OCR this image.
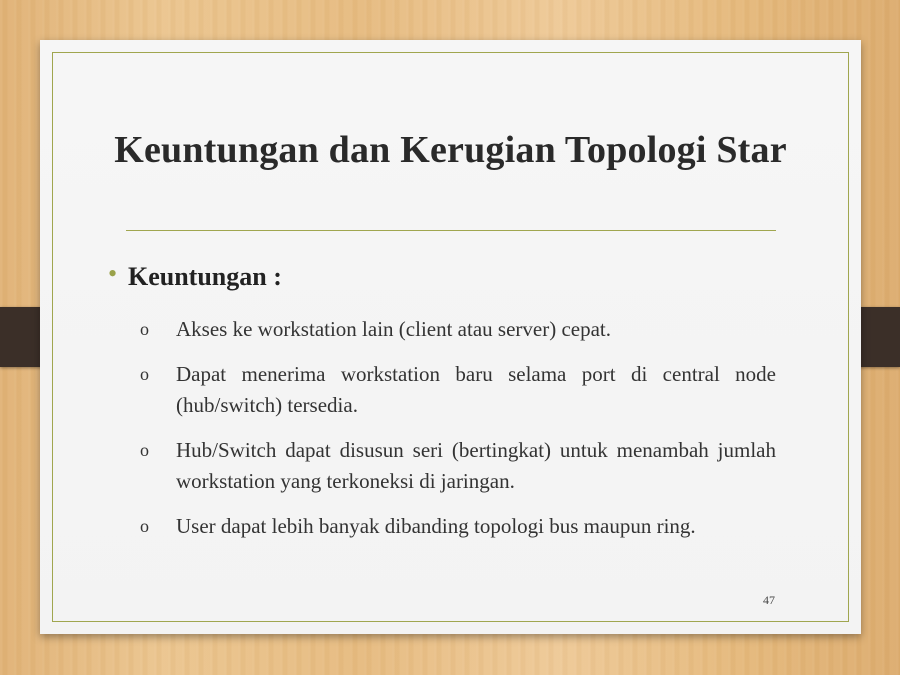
Keuntungan dan Kerugian Topologi Star
• Keuntungan :
o	Akses ke workstation lain (client atau server) cepat.
o	Dapat menerima workstation baru selama port di central node (hub/switch) tersedia.
o	Hub/Switch dapat disusun seri (bertingkat) untuk menambah jumlah workstation yang terkoneksi di jaringan.
o	User dapat lebih banyak dibanding topologi bus maupun ring.
47
